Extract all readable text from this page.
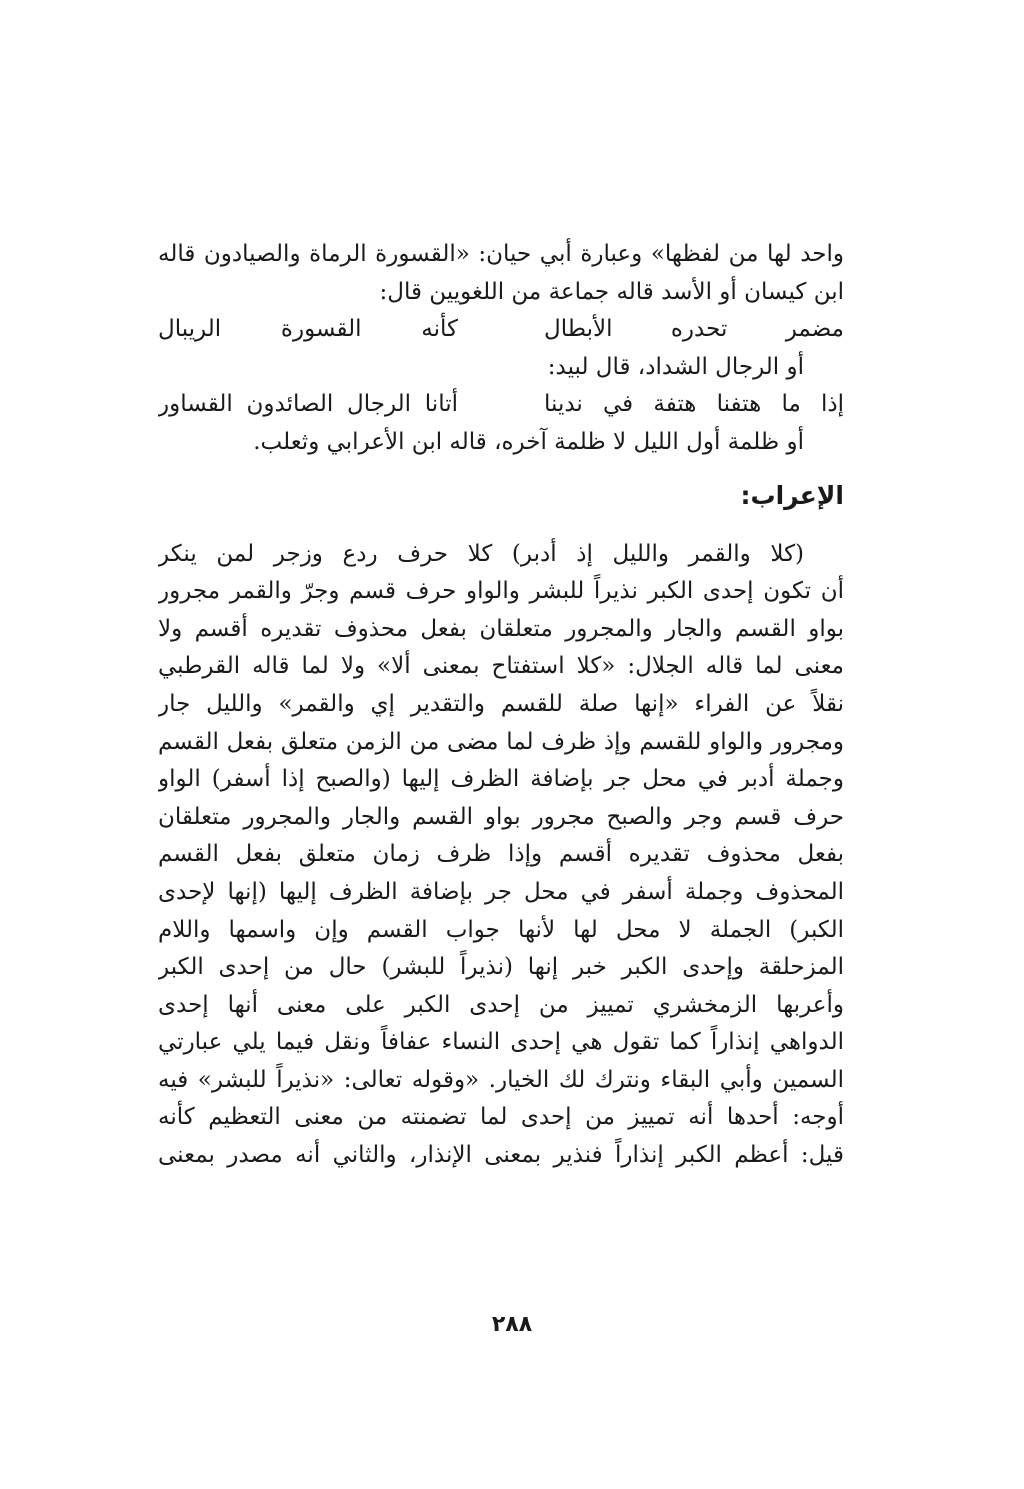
واحد لها من لفظها» وعبارة أبي حيان: «القسورة الرماة والصيادون قاله
ابن كيسان أو الأسد قاله جماعة من اللغويين قال:
مضمر تحدره الأبطال
كأنه القسورة الريبال
أو الرجال الشداد، قال لبيد:
إذا ما هتفنا هتفة في ندينا
أتانا الرجال الصائدون القساور
أو ظلمة أول الليل لا ظلمة آخره، قاله ابن الأعرابي وثعلب.
الإعراب:
(كلا والقمر والليل إذ أدبر) كلا حرف ردع وزجر لمن ينكر
أن تكون إحدى الكبر نذيراً للبشر والواو حرف قسم وجرّ والقمر مجرور
بواو القسم والجار والمجرور متعلقان بفعل محذوف تقديره أقسم ولا
معنى لما قاله الجلال: «كلا استفتاح بمعنى ألا» ولا لما قاله القرطبي
نقلاً عن الفراء «إنها صلة للقسم والتقدير إي والقمر» والليل جار
ومجرور والواو للقسم وإذ ظرف لما مضى من الزمن متعلق بفعل القسم
وجملة أدبر في محل جر بإضافة الظرف إليها (والصبح إذا أسفر) الواو
حرف قسم وجر والصبح مجرور بواو القسم والجار والمجرور متعلقان
بفعل محذوف تقديره أقسم وإذا ظرف زمان متعلق بفعل القسم
المحذوف وجملة أسفر في محل جر بإضافة الظرف إليها (إنها لإحدى
الكبر) الجملة لا محل لها لأنها جواب القسم وإن واسمها واللام
المزحلقة وإحدى الكبر خبر إنها (نذيراً للبشر) حال من إحدى الكبر
وأعربها الزمخشري تمييز من إحدى الكبر على معنى أنها إحدى
الدواهي إنذاراً كما تقول هي إحدى النساء عفافاً ونقل فيما يلي عبارتي
السمين وأبي البقاء ونترك لك الخيار. «وقوله تعالى: «نذيراً للبشر» فيه
أوجه: أحدها أنه تمييز من إحدى لما تضمنته من معنى التعظيم كأنه
قيل: أعظم الكبر إنذاراً فنذير بمعنى الإنذار، والثاني أنه مصدر بمعنى
٢٨٨
